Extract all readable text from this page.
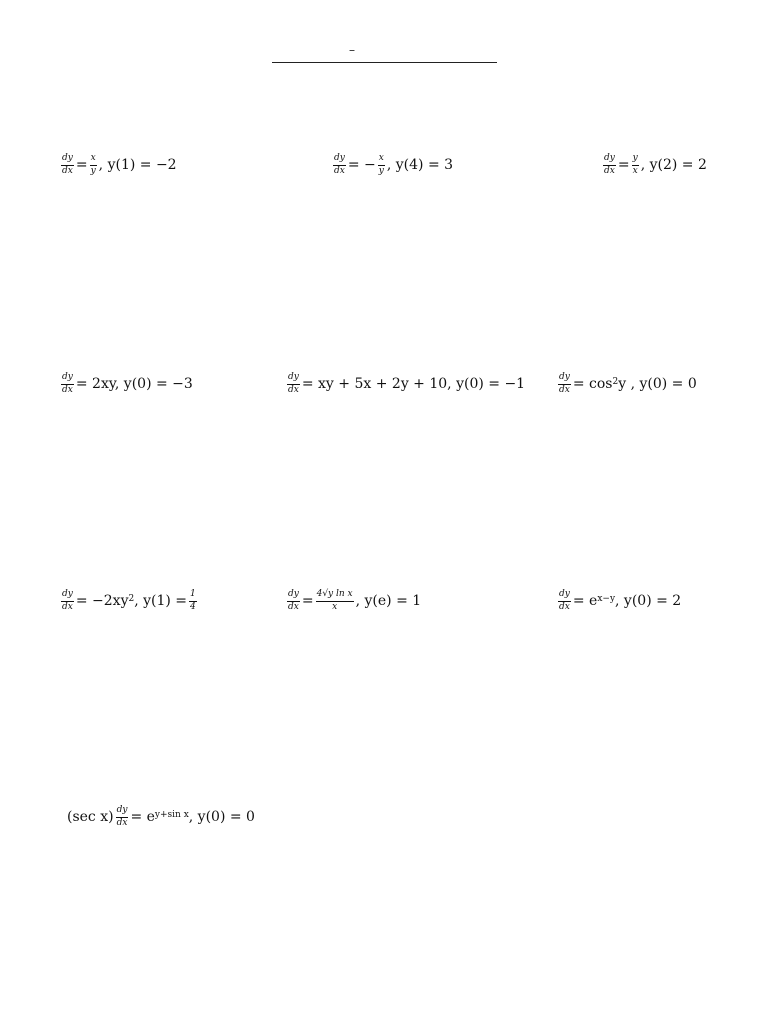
–
$\frac{dy}{dx} = \frac{x}{y}$ , y(1) = −2	$\frac{dy}{dx}$ = − $\frac{x}{y}$ , y(4) = 3	$\frac{dy}{dx} = \frac{y}{x}$ , y(2) = 2
$\frac{dy}{dx} = 2xy$, y(0) = −3	$\frac{dy}{dx}$ = xy + 5x + 2y + 10, y(0) = −1	$\frac{dy}{dx} = \cos^2 y$ , y(0) = 0
$\frac{dy}{dx} = -2xy^2$ , $y(1) = \frac{1}{4}$	$\frac{dy}{dx} = \frac{\text{4√y ln x}}{x}$ , y(e) = 1	$\frac{dy}{dx} = e^{x-y}$ , y(0) = 2
(sec $x) \frac{dy}{dx} = e^{y+sin x}$ , y(0) = 0
